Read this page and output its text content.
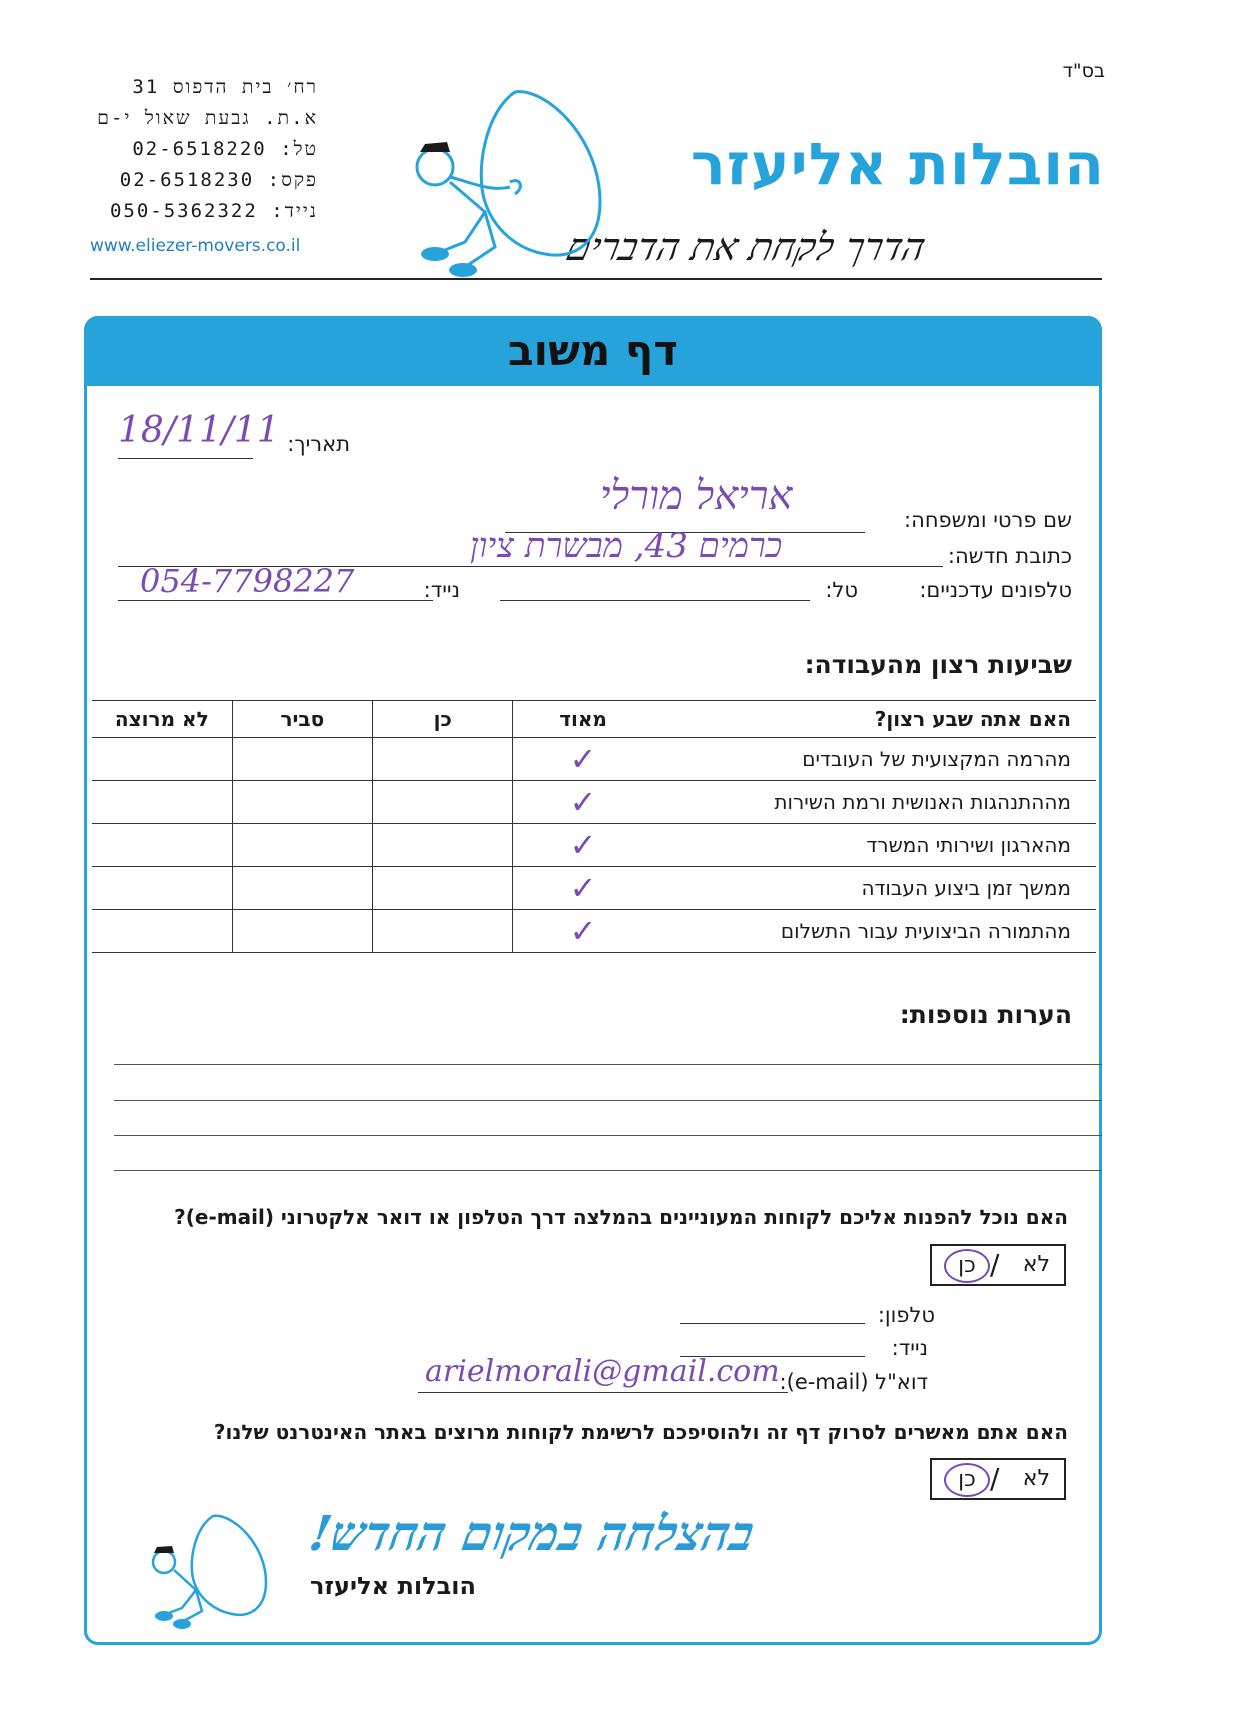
בס"ד
הובלות אליעזר
הדרך לקחת את הדברים
רח׳ בית הדפוס 31
א.ת. גבעת שאול י-ם
טל: 02-6518220
פקס: 02-6518230
נייד: 050-5362322
www.eliezer-movers.co.il
דף משוב
תאריך:
18/11/11
שם פרטי ומשפחה:
אריאל מורלי
כתובת חדשה:
כרמים 43, מבשרת ציון
טלפונים עדכניים:
טל:
נייד:
054-7798227
שביעות רצון מהעבודה:
האם אתה שבע רצון?	מאוד	כן	סביר	לא מרוצה
מהרמה המקצועית של העובדים	✓			
מההתנהגות האנושית ורמת השירות	✓			
מהארגון ושירותי המשרד	✓			
ממשך זמן ביצוע העבודה	✓			
מהתמורה הביצועית עבור התשלום	✓			
הערות נוספות:
האם נוכל להפנות אליכם לקוחות המעוניינים בהמלצה דרך הטלפון או דואר אלקטרוני (e-mail)?
לא
/
כן
טלפון:
נייד:
דוא"ל (e-mail):
arielmorali@gmail.com
האם אתם מאשרים לסרוק דף זה ולהוסיפכם לרשימת לקוחות מרוצים באתר האינטרנט שלנו?
לא
/
כן
בהצלחה במקום החדש!
הובלות אליעזר
